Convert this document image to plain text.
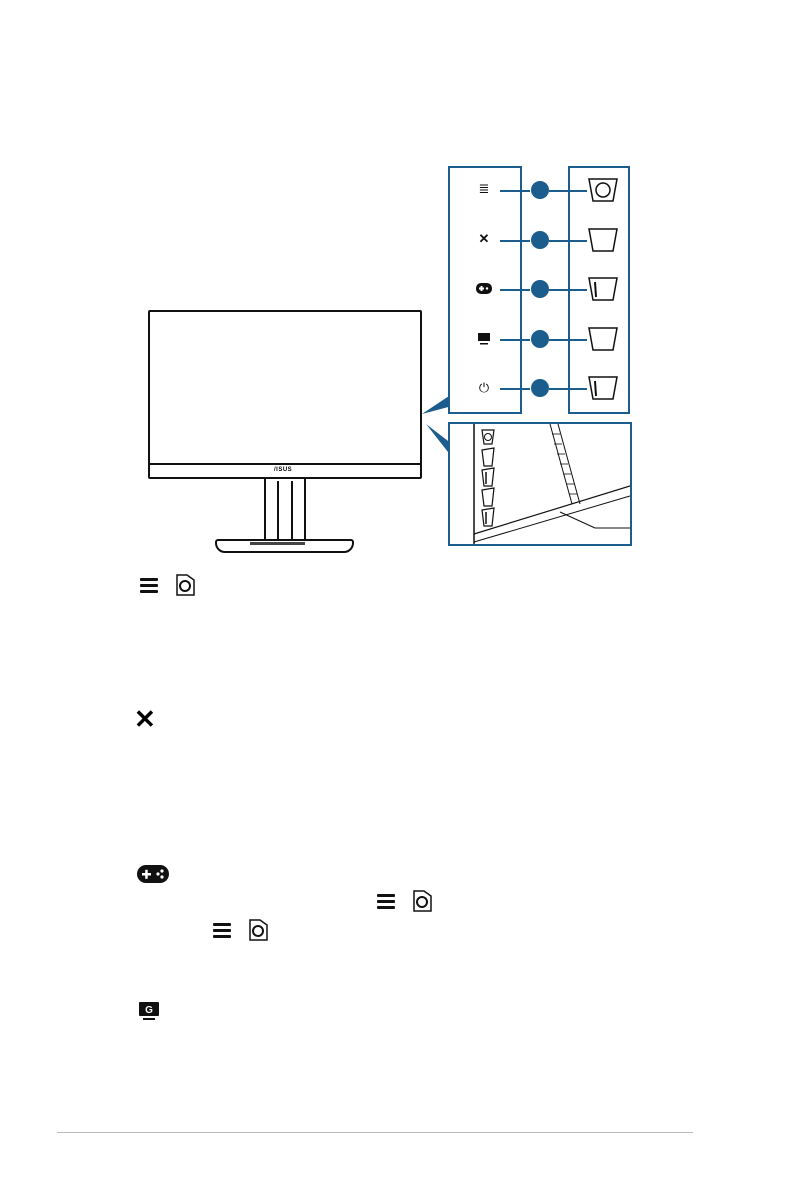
/ISUS
≣
✕
⏻
✕
G
